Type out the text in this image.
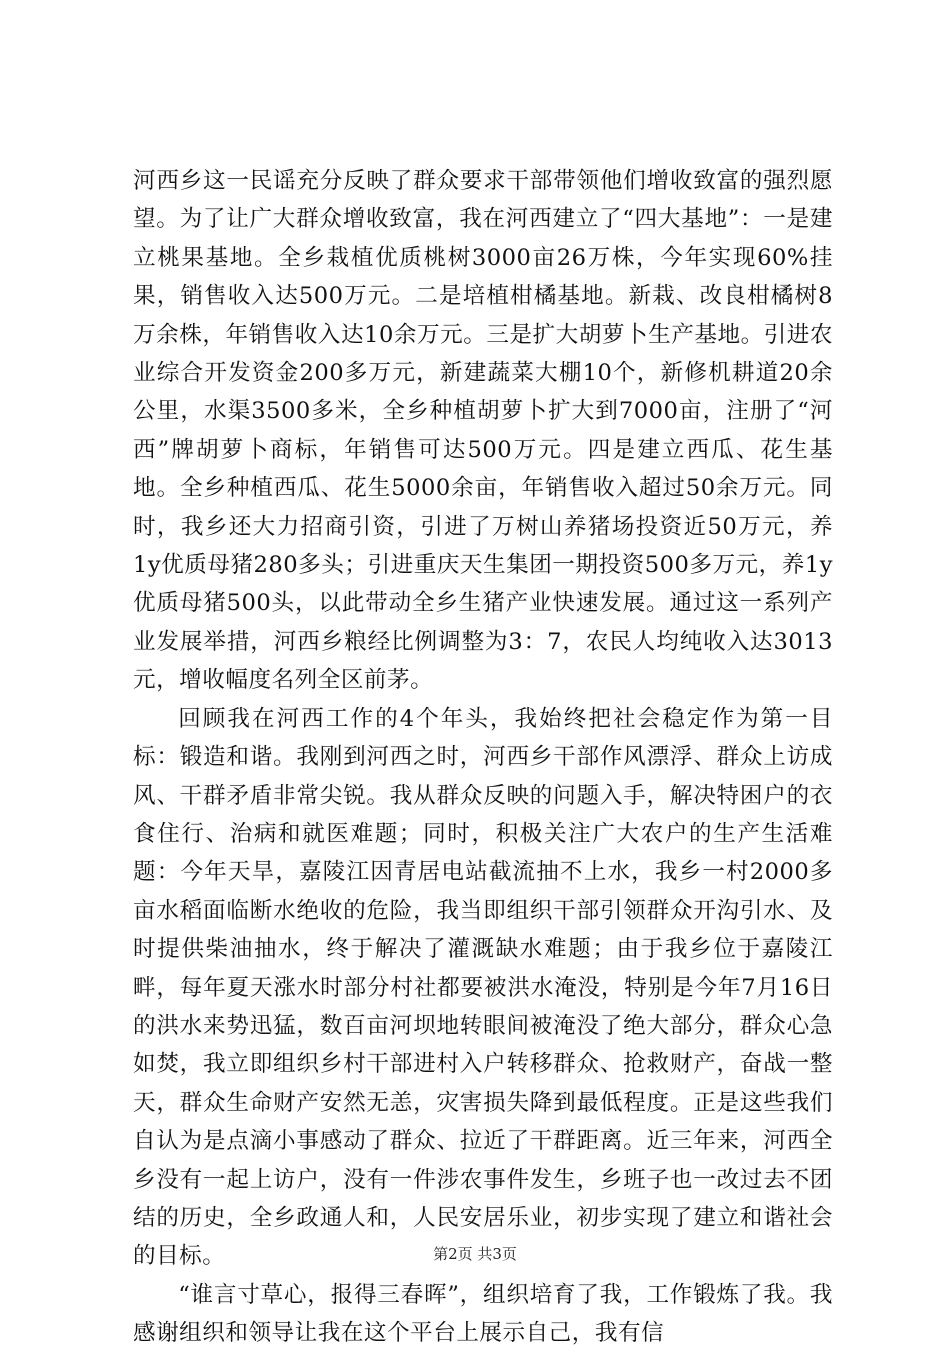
河西乡这一民谣充分反映了群众要求干部带领他们增收致富的强烈愿望。为了让广大群众增收致富，我在河西建立了“四大基地”：一是建立桃果基地。全乡栽植优质桃树3000亩26万株，今年实现60%挂果，销售收入达500万元。二是培植柑橘基地。新栽、改良柑橘树8万余株，年销售收入达10余万元。三是扩大胡萝卜生产基地。引进农业综合开发资金200多万元，新建蔬菜大棚10个，新修机耕道20余公里，水渠3500多米，全乡种植胡萝卜扩大到7000亩，注册了“河西”牌胡萝卜商标，年销售可达500万元。四是建立西瓜、花生基地。全乡种植西瓜、花生5000余亩，年销售收入超过50余万元。同时，我乡还大力招商引资，引进了万树山养猪场投资近50万元，养1y优质母猪280多头；引进重庆天生集团一期投资500多万元，养1y优质母猪500头，以此带动全乡生猪产业快速发展。通过这一系列产业发展举措，河西乡粮经比例调整为3：7，农民人均纯收入达3013元，增收幅度名列全区前茅。

回顾我在河西工作的4个年头，我始终把社会稳定作为第一目标：锻造和谐。我刚到河西之时，河西乡干部作风漂浮、群众上访成风、干群矛盾非常尖锐。我从群众反映的问题入手，解决特困户的衣食住行、治病和就医难题；同时，积极关注广大农户的生产生活难题：今年天旱，嘉陵江因青居电站截流抽不上水，我乡一村2000多亩水稻面临断水绝收的危险，我当即组织干部引领群众开沟引水、及时提供柴油抽水，终于解决了灌溉缺水难题；由于我乡位于嘉陵江畔，每年夏天涨水时部分村社都要被洪水淹没，特别是今年7月16日的洪水来势迅猛，数百亩河坝地转眼间被淹没了绝大部分，群众心急如焚，我立即组织乡村干部进村入户转移群众、抢救财产，奋战一整天，群众生命财产安然无恙，灾害损失降到最低程度。正是这些我们自认为是点滴小事感动了群众、拉近了干群距离。近三年来，河西全乡没有一起上访户，没有一件涉农事件发生，乡班子也一改过去不团结的历史，全乡政通人和，人民安居乐业，初步实现了建立和谐社会的目标。

“谁言寸草心，报得三春晖”，组织培育了我，工作锻炼了我。我感谢组织和领导让我在这个平台上展示自己，我有信

第2页 共3页
